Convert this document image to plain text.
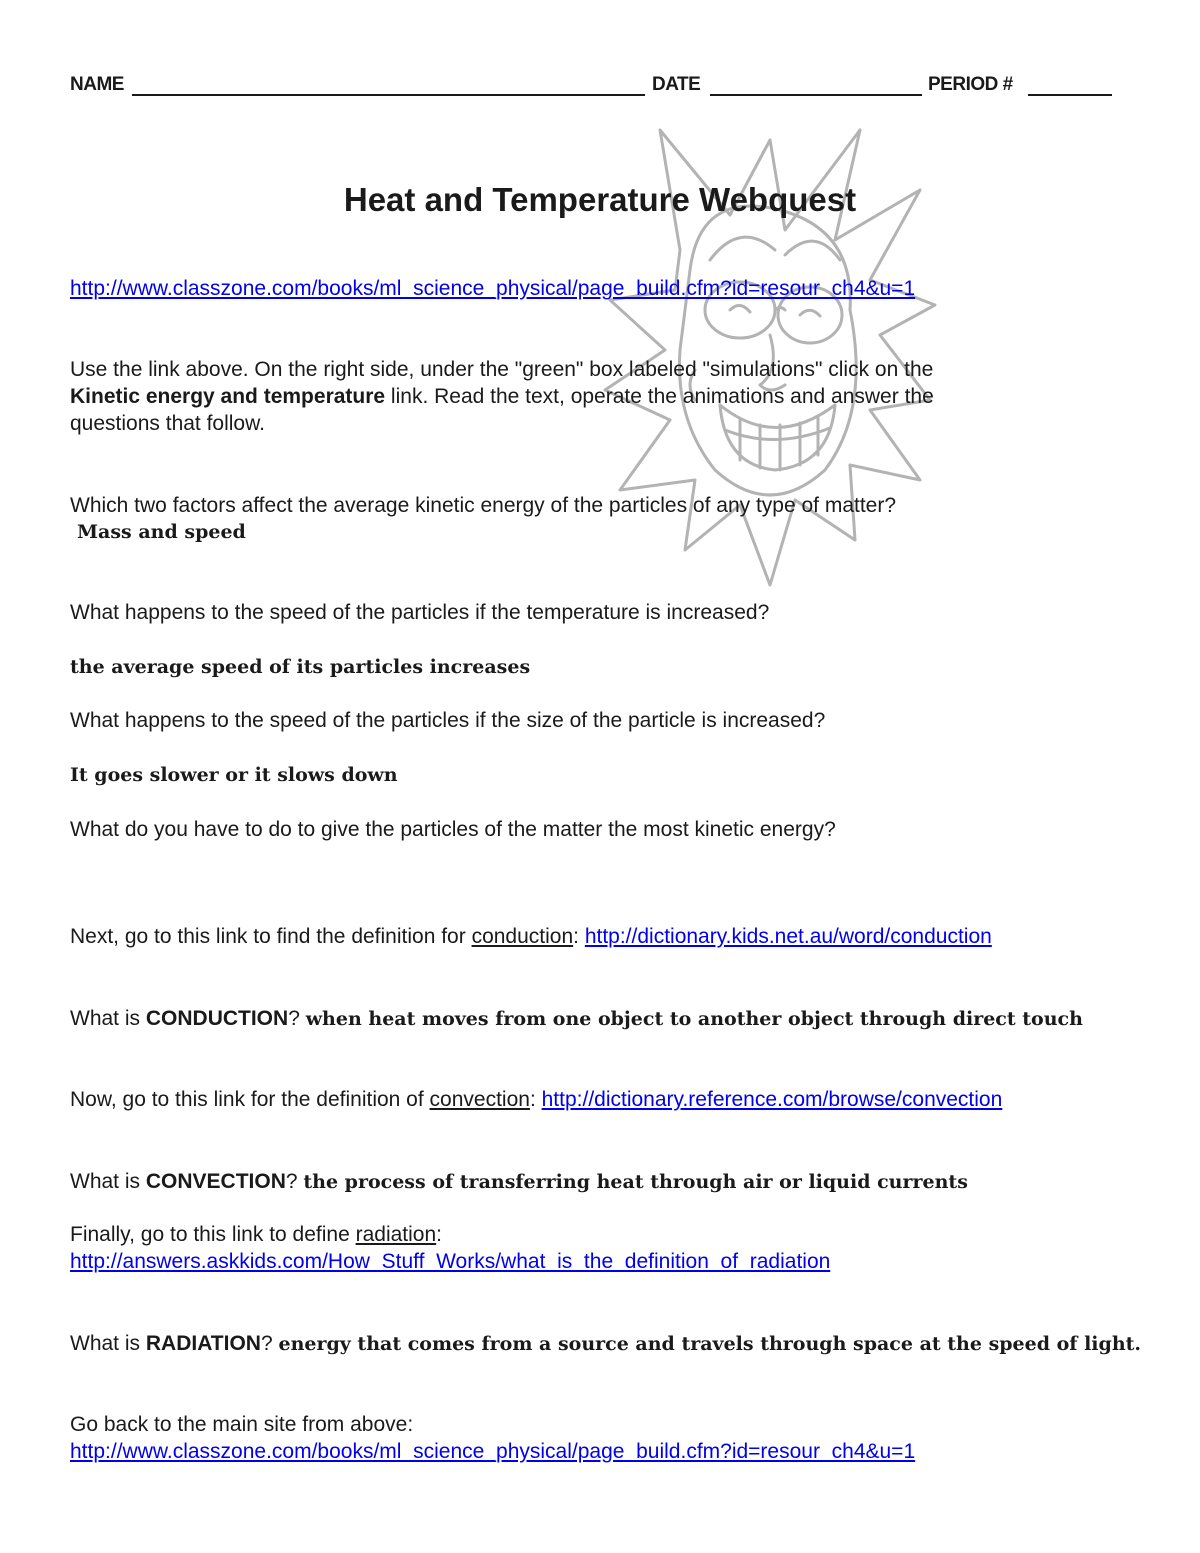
NAME	DATE	PERIOD #
Heat and Temperature Webquest
http://www.classzone.com/books/ml_science_physical/page_build.cfm?id=resour_ch4&u=1
Use the link above. On the right side, under the "green" box labeled "simulations" click on the
Kinetic energy and temperature link. Read the text, operate the animations and answer the
questions that follow.
Which two factors affect the average kinetic energy of the particles of any type of matter?
Mass and speed
What happens to the speed of the particles if the temperature is increased?
the average speed of its particles increases
What happens to the speed of the particles if the size of the particle is increased?
It goes slower or it slows down
What do you have to do to give the particles of the matter the most kinetic energy?
Next, go to this link to find the definition for conduction: http://dictionary.kids.net.au/word/conduction
What is CONDUCTION? when heat moves from one object to another object through direct touch
Now, go to this link for the definition of convection: http://dictionary.reference.com/browse/convection
What is CONVECTION? the process of transferring heat through air or liquid currents
Finally, go to this link to define radiation:
http://answers.askkids.com/How_Stuff_Works/what_is_the_definition_of_radiation
What is RADIATION? energy that comes from a source and travels through space at the speed of light.
Go back to the main site from above:
http://www.classzone.com/books/ml_science_physical/page_build.cfm?id=resour_ch4&u=1
